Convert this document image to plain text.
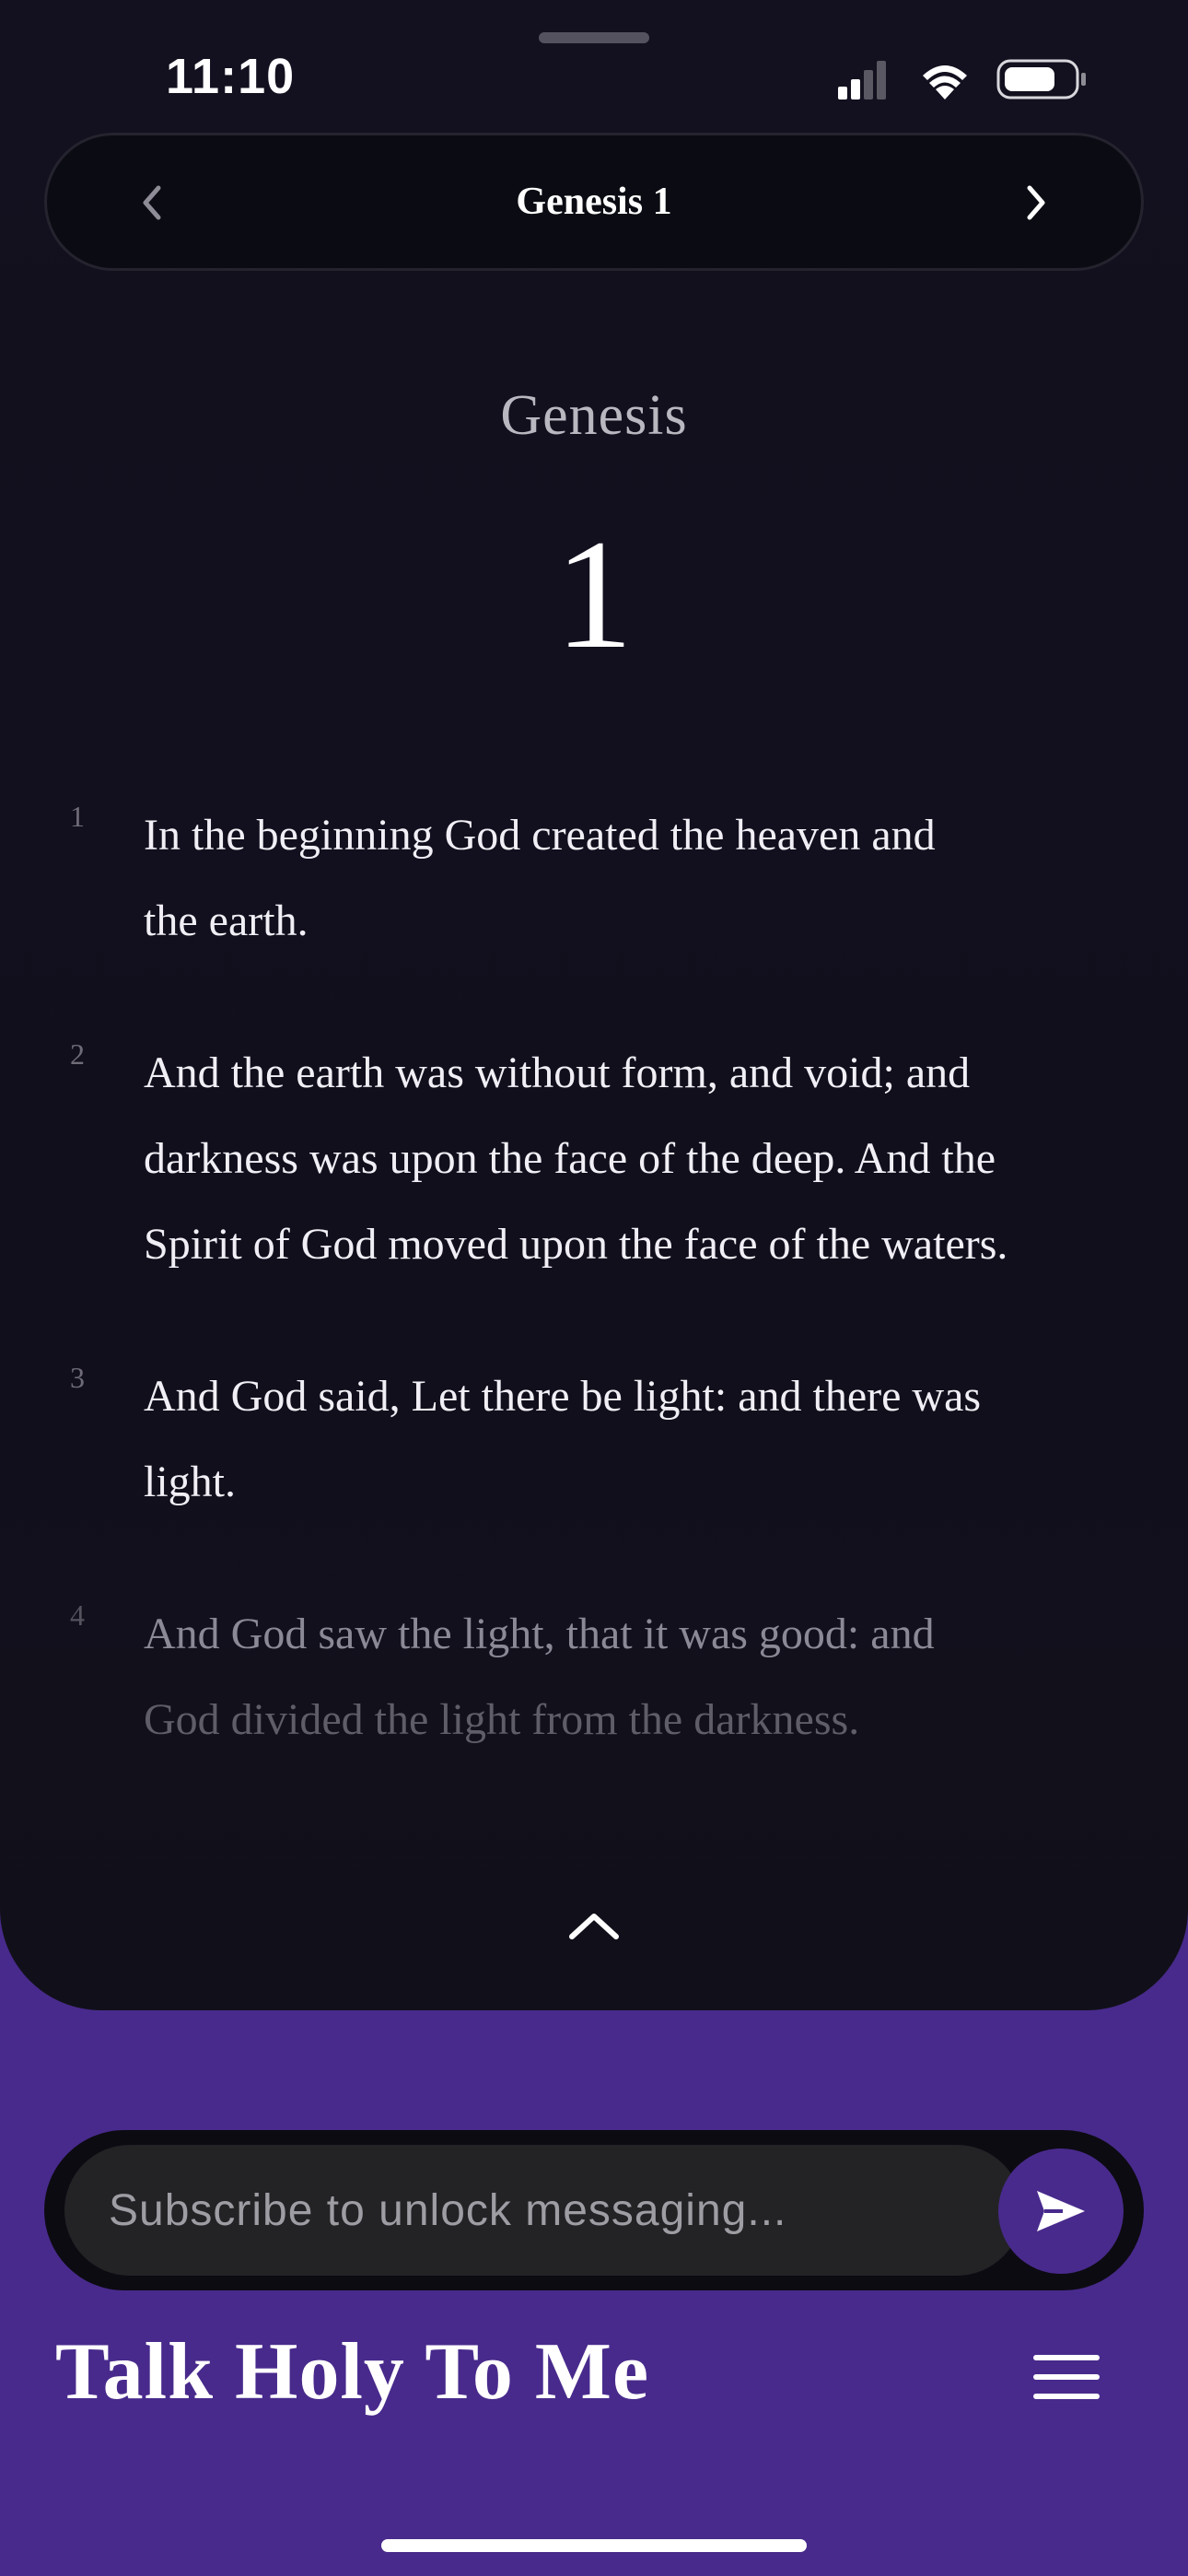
11:10
Genesis 1
Genesis
1
1 In the beginning God created the heaven and
the earth.
2 And the earth was without form, and void; and
darkness was upon the face of the deep. And the
Spirit of God moved upon the face of the waters.
3 And God said, Let there be light: and there was
light.
4 And God saw the light, that it was good: and
God divided the light from the darkness.
Subscribe to unlock messaging...
Talk Holy To Me
